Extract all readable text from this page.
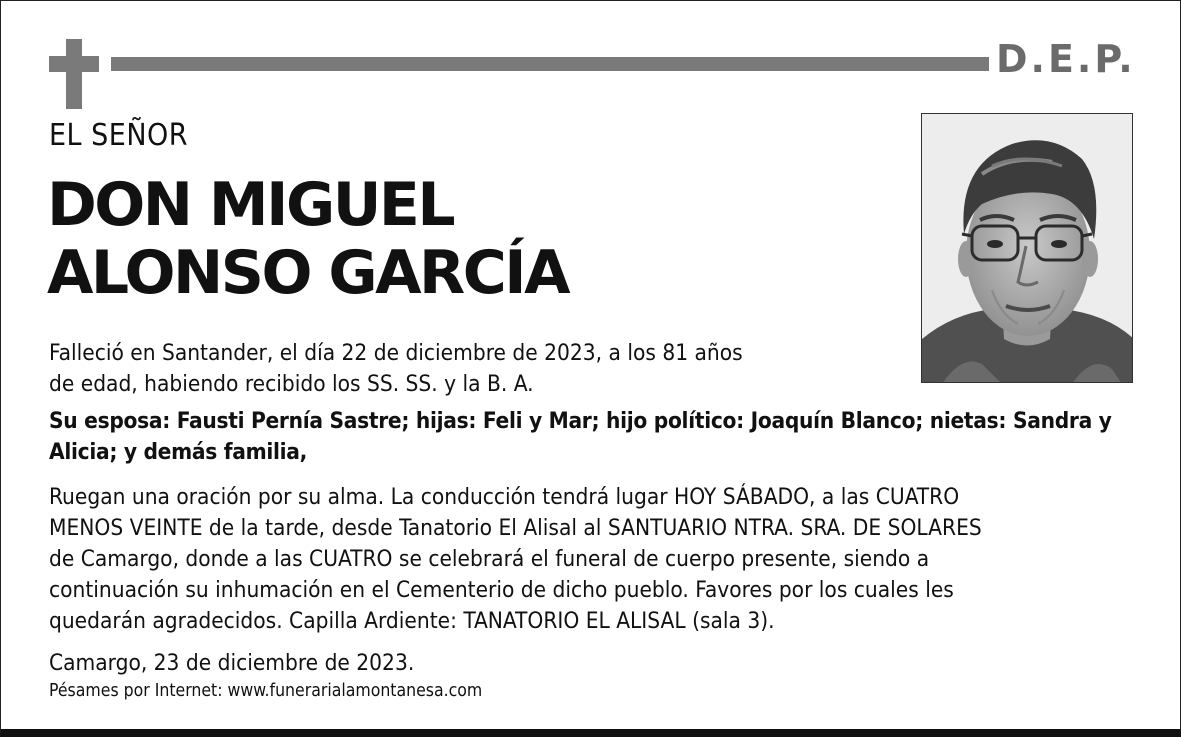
D.E.P.
EL SEÑOR
DON MIGUEL
ALONSO GARCÍA
Falleció en Santander, el día 22 de diciembre de 2023, a los 81 años
de edad, habiendo recibido los SS. SS. y la B. A.
Su esposa: Fausti Pernía Sastre; hijas: Feli y Mar; hijo político: Joaquín Blanco; nietas: Sandra y
Alicia; y demás familia,
Ruegan una oración por su alma. La conducción tendrá lugar HOY SÁBADO, a las CUATRO
MENOS VEINTE de la tarde, desde Tanatorio El Alisal al SANTUARIO NTRA. SRA. DE SOLARES
de Camargo, donde a las CUATRO se celebrará el funeral de cuerpo presente, siendo a
continuación su inhumación en el Cementerio de dicho pueblo. Favores por los cuales les
quedarán agradecidos. Capilla Ardiente: TANATORIO EL ALISAL (sala 3).
Camargo, 23 de diciembre de 2023.
Pésames por Internet: www.funerarialamontanesa.com
